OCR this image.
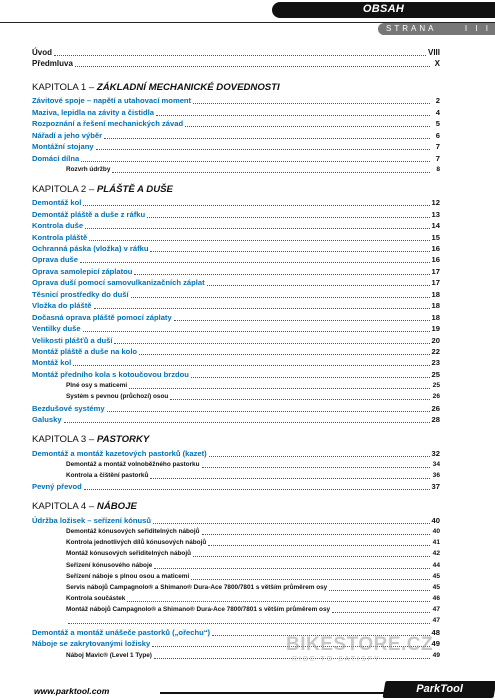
OBSAH
STRANA	I I I
Úvod	VIII
Předmluva	X
KAPITOLA 1 – ZÁKLADNÍ MECHANICKÉ DOVEDNOSTI
Závitové spoje – napětí a utahovací moment	2
Maziva, lepidla na závity a čistidla	4
Rozpoznání a řešení mechanických závad	5
Nářadí a jeho výběr	6
Montážní stojany	7
Domácí dílna	7
Rozvrh údržby	8
KAPITOLA 2 – PLÁŠTĚ A DUŠE
Demontáž kol	12
Demontáž pláště a duše z ráfku	13
Kontrola duše	14
Kontrola pláště	15
Ochranná páska (vložka) v ráfku	16
Oprava duše	16
Oprava samolepicí záplatou	17
Oprava duší pomocí samovulkanizačních záplat	17
Těsnicí prostředky do duší	18
Vložka do pláště	18
Dočasná oprava pláště pomocí záplaty	18
Ventilky duše	19
Velikosti plášťů a duší	20
Montáž pláště a duše na kolo	22
Montáž kol	23
Montáž předního kola s kotoučovou brzdou	25
Plné osy s maticemi	25
Systém s pevnou (průchozí) osou	26
Bezdušové systémy	26
Galusky	28
KAPITOLA 3 – PASTORKY
Demontáž a montáž kazetových pastorků (kazet)	32
Demontáž a montáž volnoběžného pastorku	34
Kontrola a čištění pastorků	36
Pevný převod	37
KAPITOLA 4 – NÁBOJE
Údržba ložisek – seřízení kónusů	40
Demontáž kónusových seřiditelných nábojů	40
Kontrola jednotlivých dílů kónusových nábojů	41
Montáž kónusových seřiditelných nábojů	42
Seřízení kónusového náboje	44
Seřízení náboje s plnou osou a maticemi	45
Servis nábojů Campagnolo® a Shimano® Dura-Ace 7800/7801 s větším průměrem osy	45
Kontrola součástek	46
Montáž nábojů Campagnolo® a Shimano® Dura-Ace 7800/7801 s větším průměrem osy	47
47
Demontáž a montáž unášeče pastorků („ořechu“)	48
Náboje se zakrytovanými ložisky	49
Náboj Mavic® (Level 1 Type)	49
BIKESTORE.CZ
RIDE TO SATISFY
www.parktool.com	ParkTool
